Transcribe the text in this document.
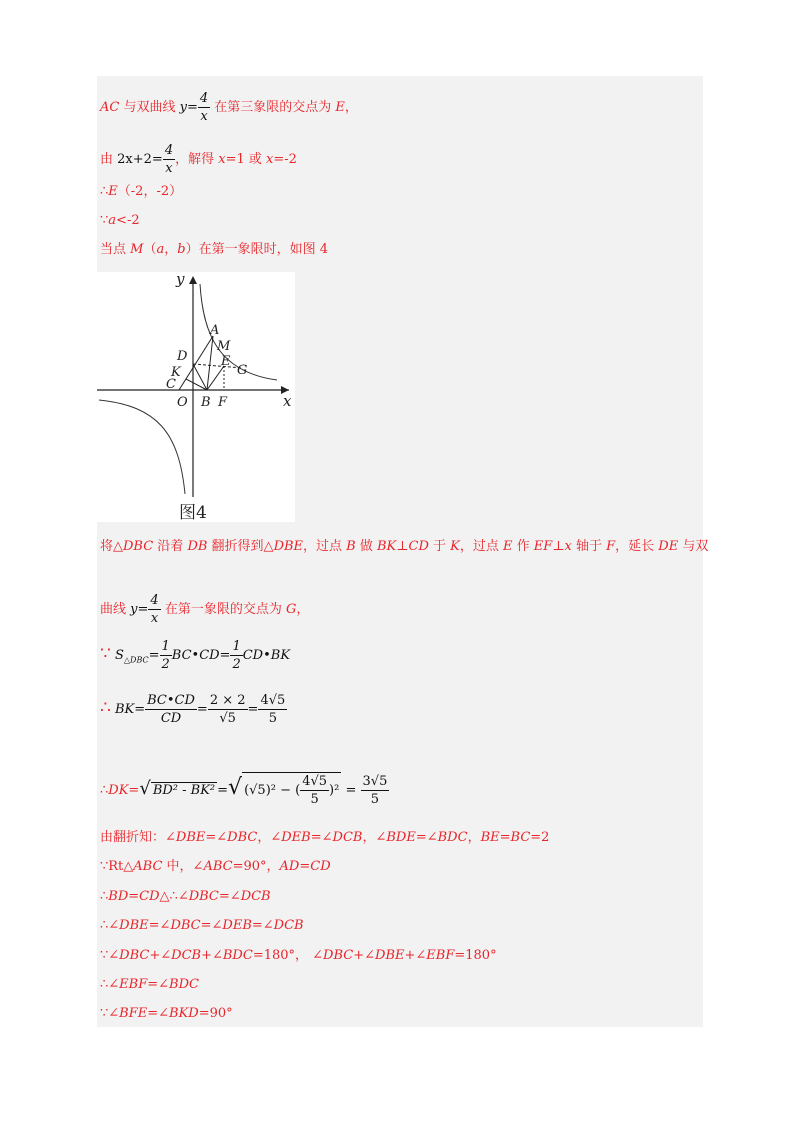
AC 与双曲线 $y= \frac{4}{x}$ 在第三象限的交点为 E，
由 $2x+2= \frac{4}{x}$ ，解得 x=1 或 x=-2
∴E（-2，-2）
∵a<-2
当点 M（a，b）在第一象限时，如图 4
y
x
O B F
A
M
D	E
G
K
C
图4
将△DBC 沿着 DB 翻折得到△DBE，过点 B 做 BK⊥CD 于 K，过点 E 作 EF⊥x 轴于 F，延长 DE 与双
曲线 $y= \frac{4}{x}$ 在第一象限的交点为 G，
∵ $S_{\triangle DBC}= \frac{1}{2}$ BC•CD= $\frac{1}{2}$ CD•BK
∴ $BK= \frac{BC•CD}{CD} = \frac{2 \times 2}{√5} = \frac{4√5}{5}$
∴DK=√ BD² - BK² =√ (√5)² − ( $\frac{4√5}{5} )^2 = \frac{3√5}{5}$
由翻折知：∠DBE=∠DBC，∠DEB=∠DCB，∠BDE=∠BDC，BE=BC=2
∵Rt△ABC 中，∠ABC=90°，AD=CD
∴BD=CD△∴∠DBC=∠DCB
∴∠DBE=∠DBC=∠DEB=∠DCB
∵∠DBC+∠DCB+∠BDC=180°， ∠DBC+∠DBE+∠EBF=180°
∴∠EBF=∠BDC
∵∠BFE=∠BKD=90°
